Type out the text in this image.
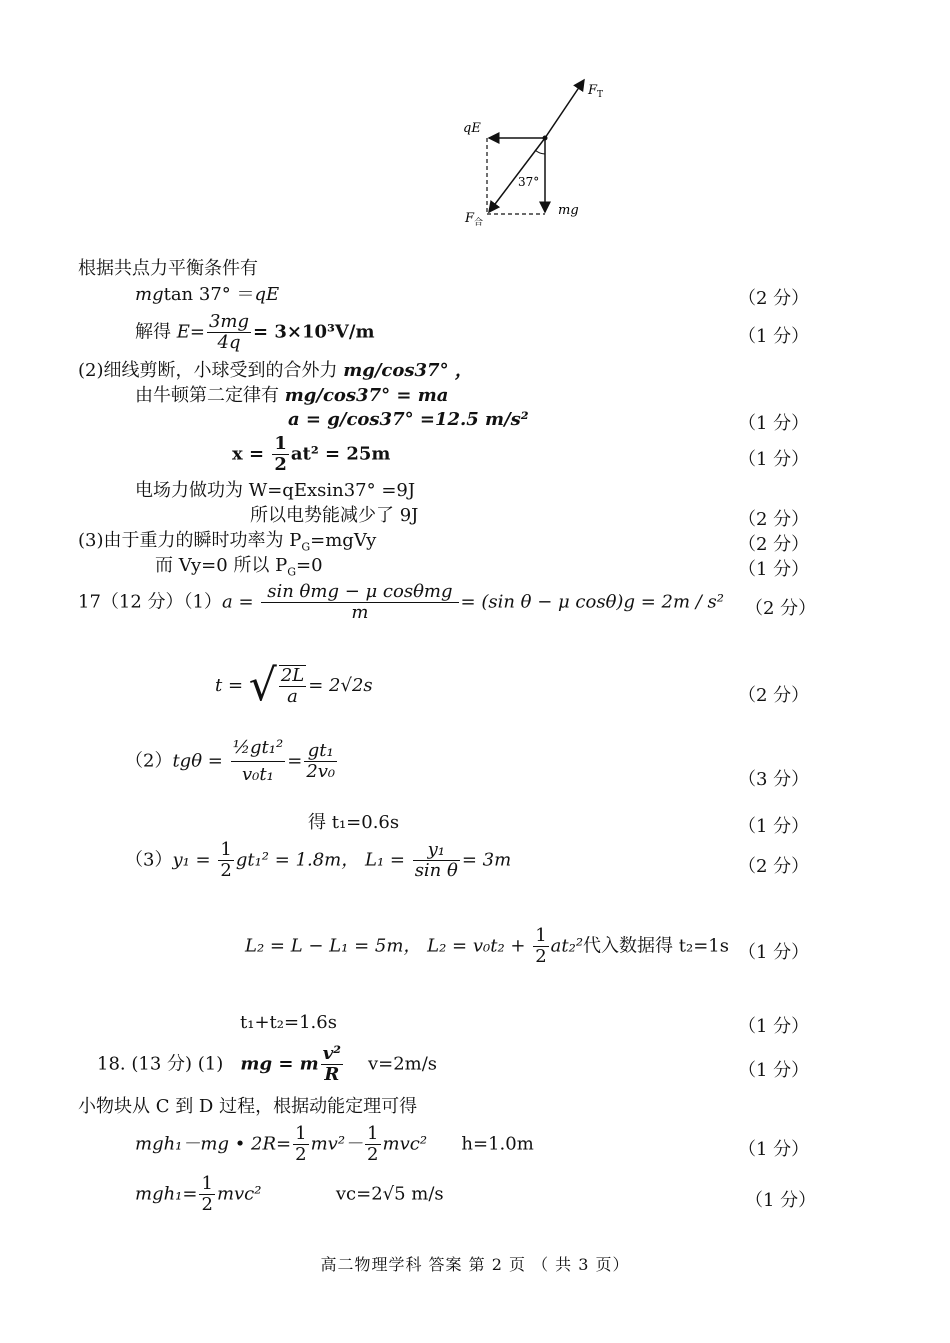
$F_T$
qE
37°
mg
$F_合$
根据共点力平衡条件有
mgtan 37° ＝qE	（2 分）
解得 $E= \frac{3mg}{4q} = 3\times 10^3V/m$	（1 分）
(2)细线剪断，小球受到的合外力 mg/cos37° ，
由牛顿第二定律有 mg/cos37° = ma
a = g/cos37° =12.5 m/s²	（1 分）
$x = \frac{1}{2} at^2 = 25m$	（1 分）
电场力做功为 W=qExsin37° =9J
所以电势能减少了 9J	（2 分）
(3)由于重力的瞬时功率为 $P_G=mgVy$	（2 分）
而 Vy=0 所以 $P_G=0$	（1 分）
17（12 分）$(1)a = \frac{\text{sin θmg − μ cosθmg}}{m} = (\sin$ θ − μ cosθ)g = 2m / s² （2 分）
t = √ $\frac{2L}{a} = 2√2s$	（2 分）
$(2)tg\theta = \frac{\text{½gt₁²}}{\text{v₀t₁}} = \frac{\text{gt₁}}{\text{2v₀}}$	（3 分）
得 t₁=0.6s	（1 分）
$(3)y_1 = \frac{1}{2} gt_1^2 = 1.8m$， $L_1 = \frac{\text{y₁}}{\text{sin θ}} = 3m$	（2 分）
L₂ = L − L₁ = 5m， $L_2 = v_0t_2 + \frac{1}{2} at_2^2$代入数据得 t₂=1s （1 分）
t₁+t₂=1.6s	（1 分）
18. (13 分) (1) mg = m $\frac{\text{v²}}{R} v=2m/s$	（1 分）
小物块从 C 到 D 过程，根据动能定理可得
mgh₁－mg • $2R= \frac{1}{2} mv^2- \frac{1}{2} mvc^2$ h=1.0m	（1 分）
$mgh_1= \frac{1}{2} mvc^2$	vc=2√5 m/s	（1 分）
高二物理学科 答案 第 2 页 （ 共 3 页）
